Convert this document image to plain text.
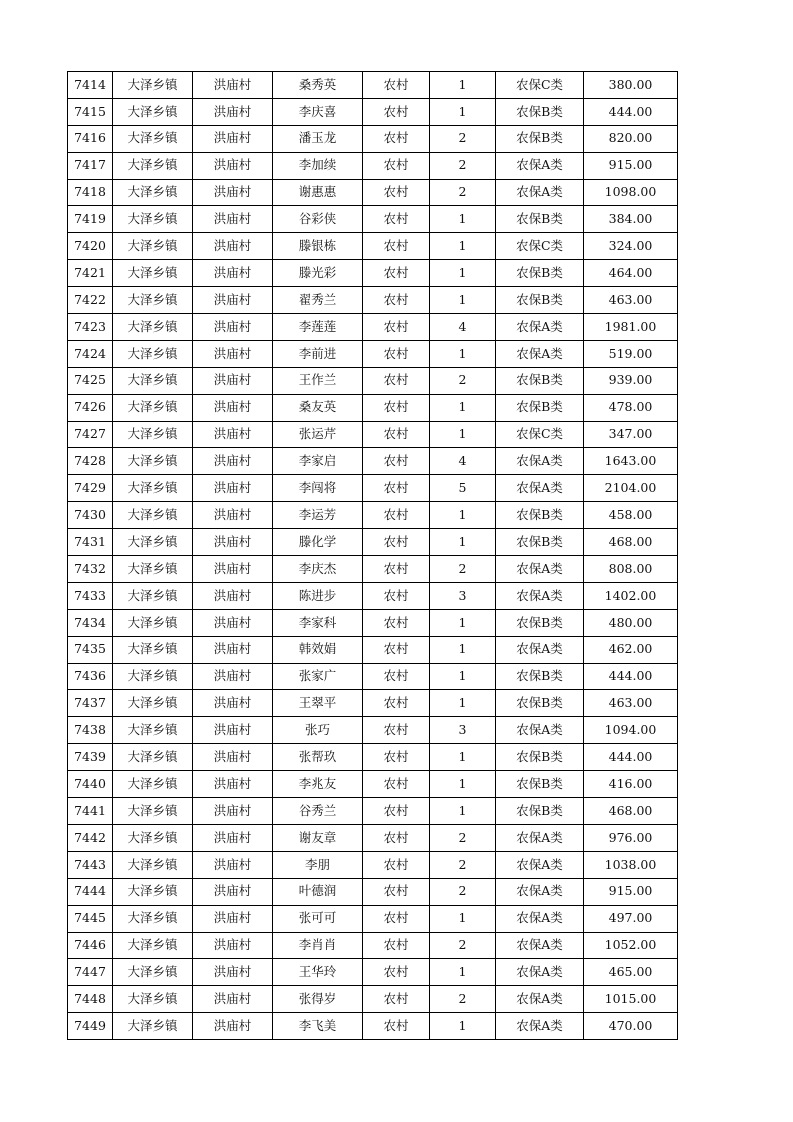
7414	大泽乡镇	洪庙村	桑秀英	农村	1	农保C类	380.00
7415	大泽乡镇	洪庙村	李庆喜	农村	1	农保B类	444.00
7416	大泽乡镇	洪庙村	潘玉龙	农村	2	农保B类	820.00
7417	大泽乡镇	洪庙村	李加续	农村	2	农保A类	915.00
7418	大泽乡镇	洪庙村	谢惠惠	农村	2	农保A类	1098.00
7419	大泽乡镇	洪庙村	谷彩侠	农村	1	农保B类	384.00
7420	大泽乡镇	洪庙村	滕银栋	农村	1	农保C类	324.00
7421	大泽乡镇	洪庙村	滕光彩	农村	1	农保B类	464.00
7422	大泽乡镇	洪庙村	翟秀兰	农村	1	农保B类	463.00
7423	大泽乡镇	洪庙村	李莲莲	农村	4	农保A类	1981.00
7424	大泽乡镇	洪庙村	李前进	农村	1	农保A类	519.00
7425	大泽乡镇	洪庙村	王作兰	农村	2	农保B类	939.00
7426	大泽乡镇	洪庙村	桑友英	农村	1	农保B类	478.00
7427	大泽乡镇	洪庙村	张运芹	农村	1	农保C类	347.00
7428	大泽乡镇	洪庙村	李家启	农村	4	农保A类	1643.00
7429	大泽乡镇	洪庙村	李闯将	农村	5	农保A类	2104.00
7430	大泽乡镇	洪庙村	李运芳	农村	1	农保B类	458.00
7431	大泽乡镇	洪庙村	滕化学	农村	1	农保B类	468.00
7432	大泽乡镇	洪庙村	李庆杰	农村	2	农保A类	808.00
7433	大泽乡镇	洪庙村	陈进步	农村	3	农保A类	1402.00
7434	大泽乡镇	洪庙村	李家科	农村	1	农保B类	480.00
7435	大泽乡镇	洪庙村	韩效娟	农村	1	农保A类	462.00
7436	大泽乡镇	洪庙村	张家广	农村	1	农保B类	444.00
7437	大泽乡镇	洪庙村	王翠平	农村	1	农保B类	463.00
7438	大泽乡镇	洪庙村	张巧	农村	3	农保A类	1094.00
7439	大泽乡镇	洪庙村	张帮玖	农村	1	农保B类	444.00
7440	大泽乡镇	洪庙村	李兆友	农村	1	农保B类	416.00
7441	大泽乡镇	洪庙村	谷秀兰	农村	1	农保B类	468.00
7442	大泽乡镇	洪庙村	谢友章	农村	2	农保A类	976.00
7443	大泽乡镇	洪庙村	李朋	农村	2	农保A类	1038.00
7444	大泽乡镇	洪庙村	叶德润	农村	2	农保A类	915.00
7445	大泽乡镇	洪庙村	张可可	农村	1	农保A类	497.00
7446	大泽乡镇	洪庙村	李肖肖	农村	2	农保A类	1052.00
7447	大泽乡镇	洪庙村	王华玲	农村	1	农保A类	465.00
7448	大泽乡镇	洪庙村	张得岁	农村	2	农保A类	1015.00
7449	大泽乡镇	洪庙村	李飞美	农村	1	农保A类	470.00
